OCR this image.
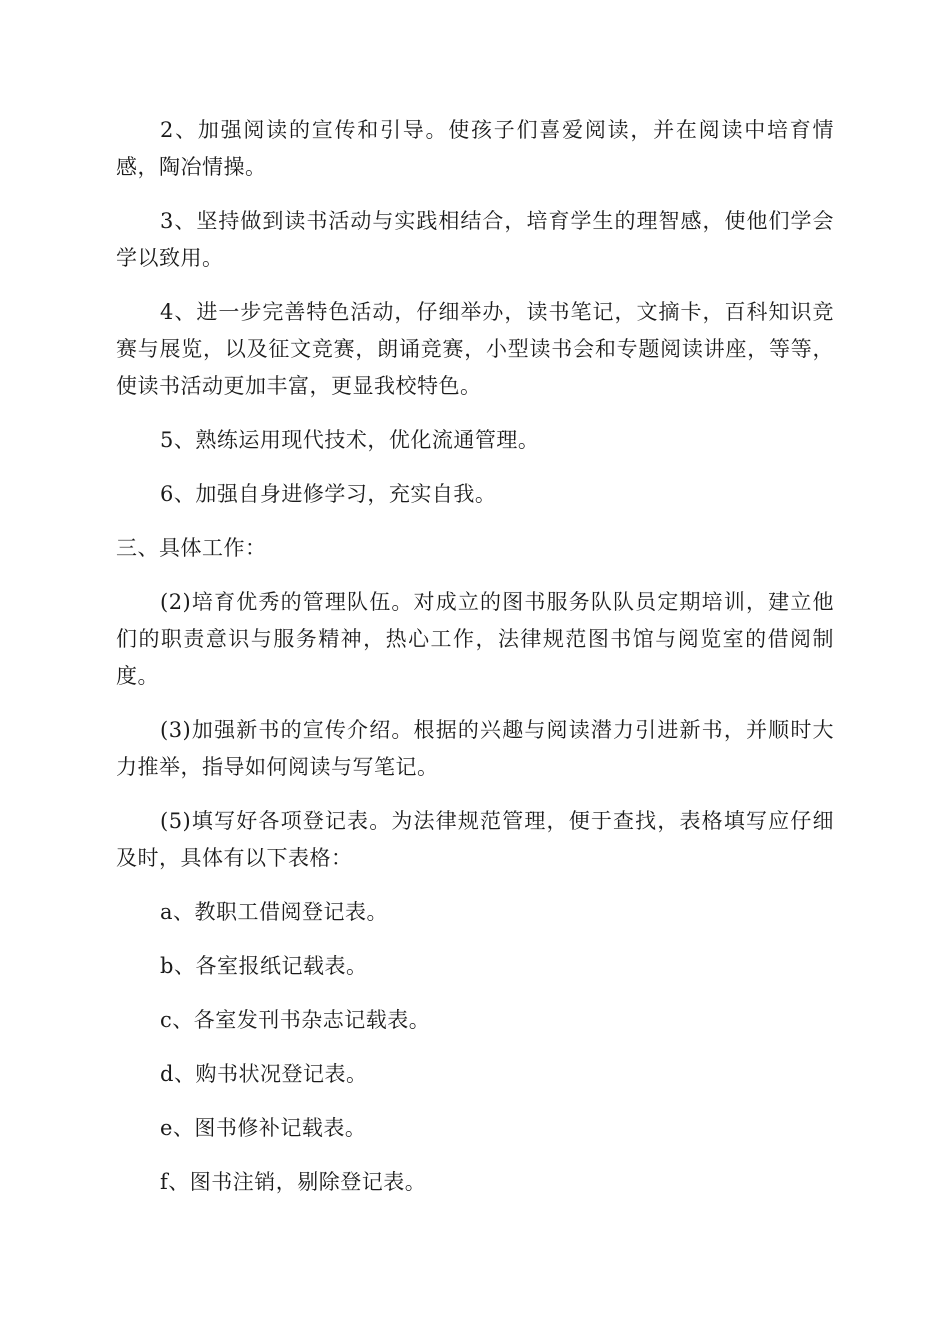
2、加强阅读的宣传和引导。使孩子们喜爱阅读，并在阅读中培育情感，陶冶情操。

3、坚持做到读书活动与实践相结合，培育学生的理智感，使他们学会学以致用。

4、进一步完善特色活动，仔细举办，读书笔记，文摘卡，百科知识竞赛与展览，以及征文竞赛，朗诵竞赛，小型读书会和专题阅读讲座，等等，使读书活动更加丰富，更显我校特色。

5、熟练运用现代技术，优化流通管理。

6、加强自身进修学习，充实自我。

三、具体工作：

(2)培育优秀的管理队伍。对成立的图书服务队队员定期培训，建立他们的职责意识与服务精神，热心工作，法律规范图书馆与阅览室的借阅制度。

(3)加强新书的宣传介绍。根据的兴趣与阅读潜力引进新书，并顺时大力推举，指导如何阅读与写笔记。

(5)填写好各项登记表。为法律规范管理，便于查找，表格填写应仔细及时，具体有以下表格：

a、教职工借阅登记表。

b、各室报纸记载表。

c、各室发刊书杂志记载表。

d、购书状况登记表。

e、图书修补记载表。

f、图书注销，剔除登记表。
